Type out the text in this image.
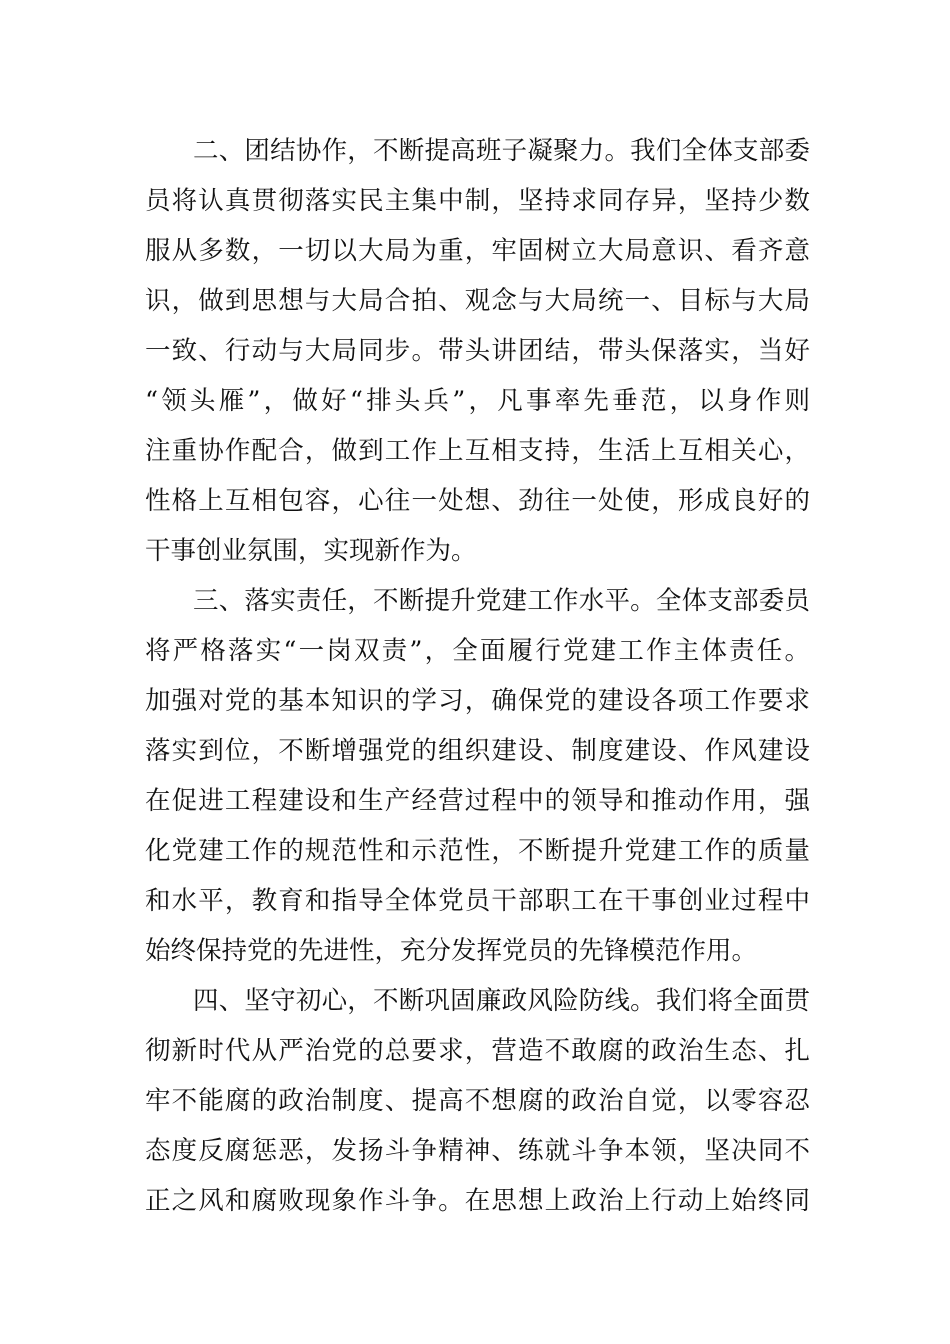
二、团结协作，不断提高班子凝聚力。我们全体支部委
员将认真贯彻落实民主集中制，坚持求同存异，坚持少数
服从多数，一切以大局为重，牢固树立大局意识、看齐意
识，做到思想与大局合拍、观念与大局统一、目标与大局
一致、行动与大局同步。带头讲团结，带头保落实，当好
“领头雁”，做好“排头兵”，凡事率先垂范，以身作则
注重协作配合，做到工作上互相支持，生活上互相关心，
性格上互相包容，心往一处想、劲往一处使，形成良好的
干事创业氛围，实现新作为。
三、落实责任，不断提升党建工作水平。全体支部委员
将严格落实“一岗双责”，全面履行党建工作主体责任。
加强对党的基本知识的学习，确保党的建设各项工作要求
落实到位，不断增强党的组织建设、制度建设、作风建设
在促进工程建设和生产经营过程中的领导和推动作用，强
化党建工作的规范性和示范性，不断提升党建工作的质量
和水平，教育和指导全体党员干部职工在干事创业过程中
始终保持党的先进性，充分发挥党员的先锋模范作用。
四、坚守初心，不断巩固廉政风险防线。我们将全面贯
彻新时代从严治党的总要求，营造不敢腐的政治生态、扎
牢不能腐的政治制度、提高不想腐的政治自觉，以零容忍
态度反腐惩恶，发扬斗争精神、练就斗争本领，坚决同不
正之风和腐败现象作斗争。在思想上政治上行动上始终同
